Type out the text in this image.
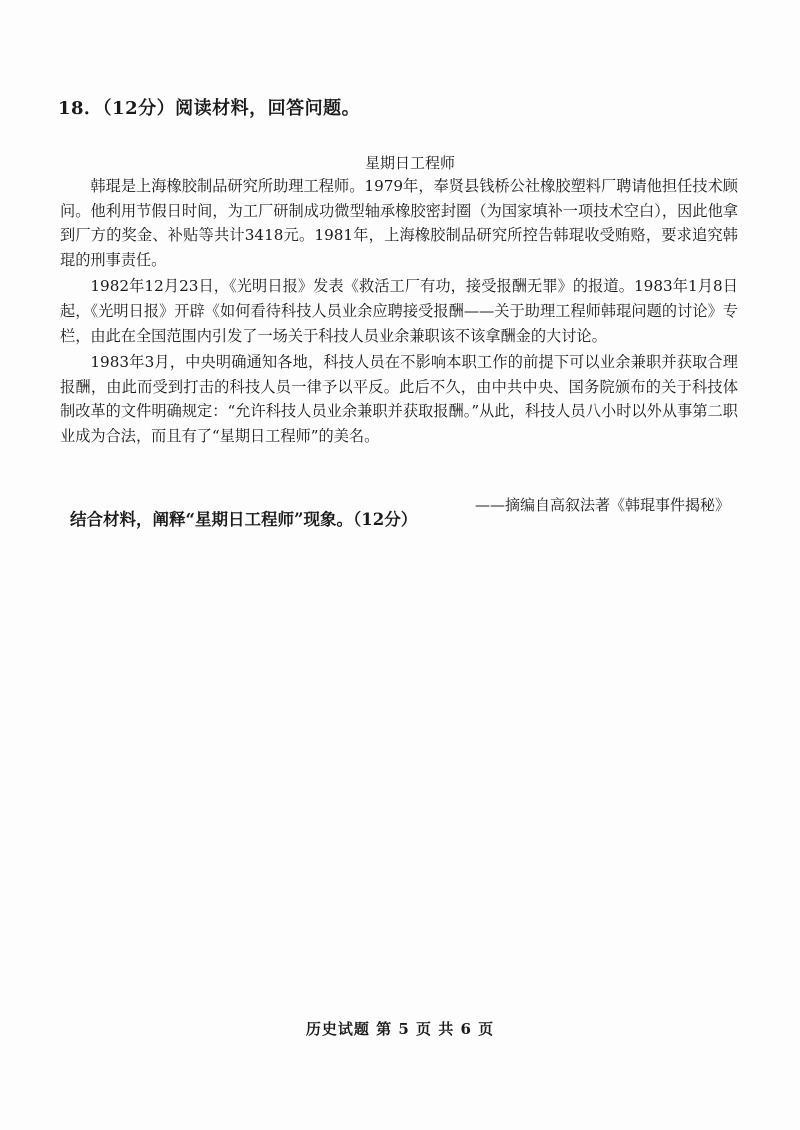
18．（12分）阅读材料，回答问题。
星期日工程师

韩琨是上海橡胶制品研究所助理工程师。1979年，奉贤县钱桥公社橡胶塑料厂聘请他担任技术顾问。他利用节假日时间，为工厂研制成功微型轴承橡胶密封圈（为国家填补一项技术空白），因此他拿到厂方的奖金、补贴等共计3418元。1981年，上海橡胶制品研究所控告韩琨收受贿赂，要求追究韩琨的刑事责任。

1982年12月23日，《光明日报》发表《救活工厂有功，接受报酬无罪》的报道。1983年1月8日起，《光明日报》开辟《如何看待科技人员业余应聘接受报酬——关于助理工程师韩琨问题的讨论》专栏，由此在全国范围内引发了一场关于科技人员业余兼职该不该拿酬金的大讨论。

1983年3月，中央明确通知各地，科技人员在不影响本职工作的前提下可以业余兼职并获取合理报酬，由此而受到打击的科技人员一律予以平反。此后不久，由中共中央、国务院颁布的关于科技体制改革的文件明确规定：“允许科技人员业余兼职并获取报酬。”从此，科技人员八小时以外从事第二职业成为合法，而且有了“星期日工程师”的美名。

——摘编自高叙法著《韩琨事件揭秘》
结合材料，阐释“星期日工程师”现象。（12分）
历史试题 第 5 页 共 6 页
